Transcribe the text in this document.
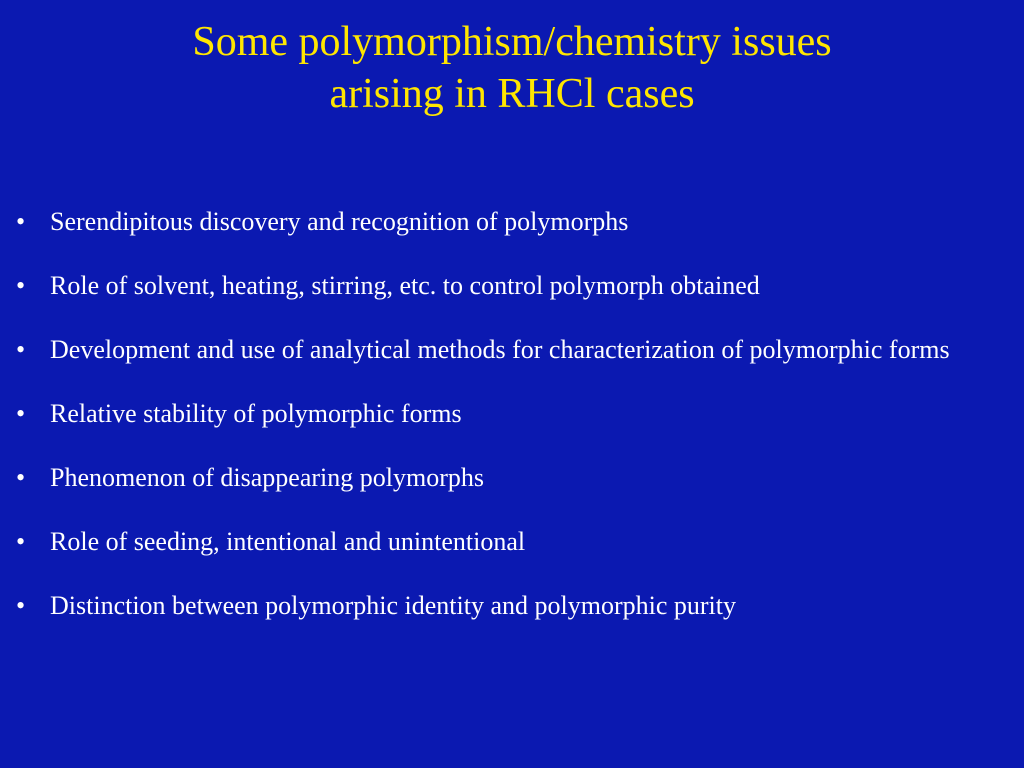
Some polymorphism/chemistry issues
arising in RHCl cases
• Serendipitous discovery and recognition of polymorphs
• Role of solvent, heating, stirring, etc. to control polymorph obtained
• Development and use of analytical methods for characterization of polymorphic forms
• Relative stability of polymorphic forms
• Phenomenon of disappearing polymorphs
• Role of seeding, intentional and unintentional
• Distinction between polymorphic identity and polymorphic purity
